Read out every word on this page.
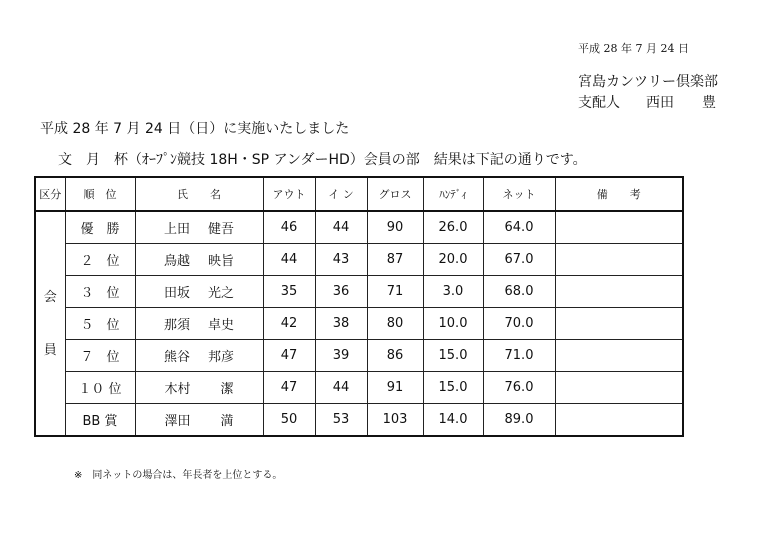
平成 28 年 7 月 24 日
宮島カンツリー倶楽部
支配人 西田　　豊
平成 28 年 7 月 24 日（日）に実施いたしました
文　月　杯（ｵｰﾌﾟﾝ競技 18H・SP アンダーHD）会員の部　結果は下記の通りです。
区分	順　位	氏　　名	アウト	イ ン	グロス	ﾊﾝﾃﾞｨ	ネット	備　　考

会
員	優　勝	上田 健吾	46	44	90	26.0	64.0	
	２　位	鳥越 映旨	44	43	87	20.0	67.0	
	３　位	田坂 光之	35	36	71	3.0	68.0	
	５　位	那須 卓史	42	38	80	10.0	70.0	
	７　位	熊谷 邦彦	47	39	86	15.0	71.0	
	１０ 位	木村 潔	47	44	91	15.0	76.0	
	BB 賞	澤田 満	50	53	103	14.0	89.0	
※　同ネットの場合は、年長者を上位とする。
